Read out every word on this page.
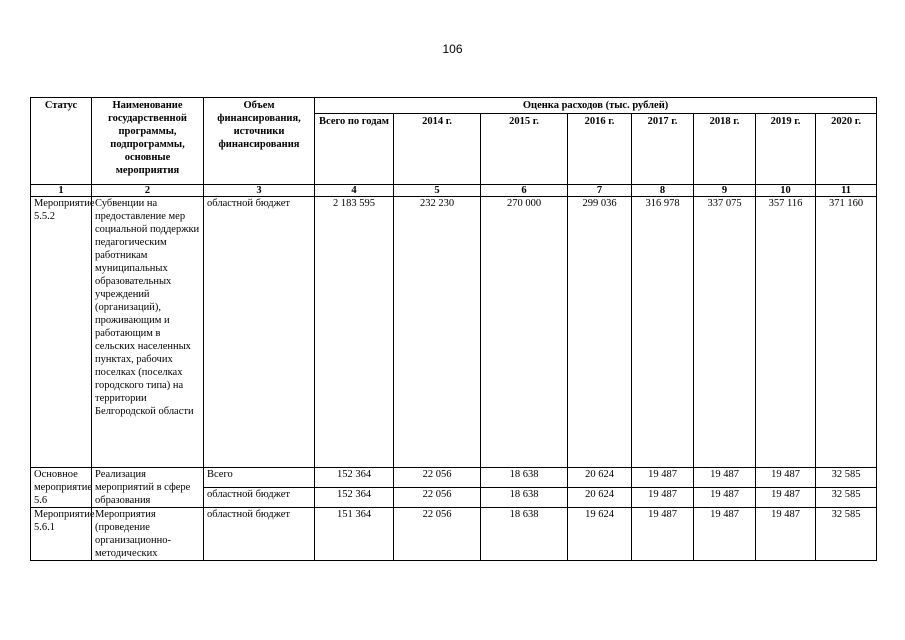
106
Статус	Наименование государственной программы, подпрограммы, основные мероприятия	Объем финансирования, источники финансирования	Оценка расходов (тыс. рублей)							
			Всего по годам	2014 г.	2015 г.	2016 г.	2017 г.	2018 г.	2019 г.	2020 г.
1	2	3	4	5	6	7	8	9	10	11
Мероприятие 5.5.2	Субвенции на предоставление мер социальной поддержки педагогическим работникам муниципальных образовательных учреждений (организаций), проживающим и работающим в сельских населенных пунктах, рабочих поселках (поселках городского типа) на территории Белгородской области	областной бюджет	2 183 595	232 230	270 000	299 036	316 978	337 075	357 116	371 160
Основное мероприятие 5.6	Реализация мероприятий в сфере образования	Всего	152 364	22 056	18 638	20 624	19 487	19 487	19 487	32 585
		областной бюджет	152 364	22 056	18 638	20 624	19 487	19 487	19 487	32 585
Мероприятие 5.6.1	Мероприятия (проведение организационно-методических	областной бюджет	151 364	22 056	18 638	19 624	19 487	19 487	19 487	32 585
